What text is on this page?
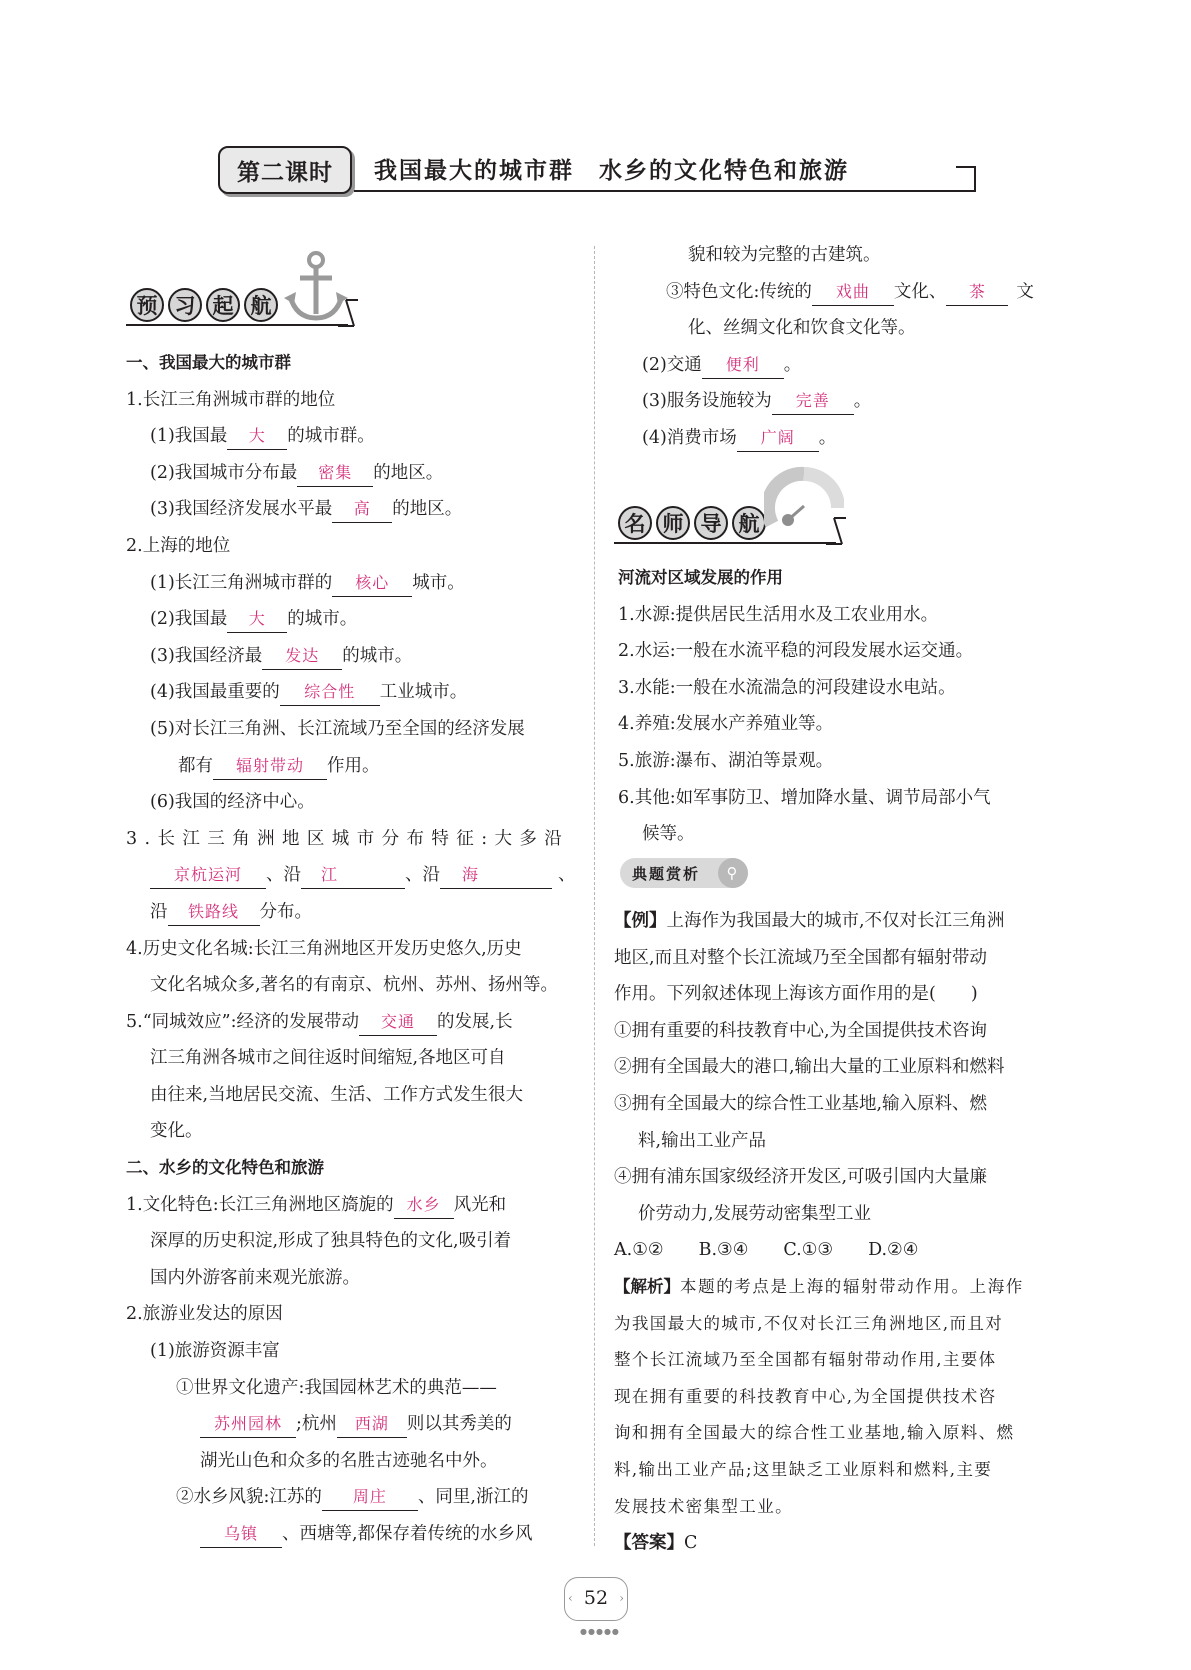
第二课时	我国最大的城市群　水乡的文化特色和旅游
预 习 起 航
名 师 导 航
一、我国最大的城市群
1.长江三角洲城市群的地位
(1)我国最 大 的城市群。
(2)我国城市分布最 密集 的地区。
(3)我国经济发展水平最 高 的地区。
2.上海的地位
(1)长江三角洲城市群的 核心 城市。
(2)我国最 大 的城市。
(3)我国经济最 发达 的城市。
(4)我国最重要的 综合性 工业城市。
(5)对长江三角洲、长江流域乃至全国的经济发展
都有 辐射带动 作用。
(6)我国的经济中心。
3.长江三角洲地区城市分布特征:大多沿
京杭运河 、沿 江	、沿 海	、
沿 铁路线 分布。
4.历史文化名城:长江三角洲地区开发历史悠久,历史
文化名城众多,著名的有南京、杭州、苏州、扬州等。
5.“同城效应”:经济的发展带动 交通 的发展,长
江三角洲各城市之间往返时间缩短,各地区可自
由往来,当地居民交流、生活、工作方式发生很大
变化。
二、水乡的文化特色和旅游
1.文化特色:长江三角洲地区旖旎的 水乡 风光和
深厚的历史积淀,形成了独具特色的文化,吸引着
国内外游客前来观光旅游。
2.旅游业发达的原因
(1)旅游资源丰富
①世界文化遗产:我国园林艺术的典范——
苏州园林 ;杭州 西湖 则以其秀美的
湖光山色和众多的名胜古迹驰名中外。
②水乡风貌:江苏的 周庄 、同里,浙江的
乌镇 、西塘等,都保存着传统的水乡风
貌和较为完整的古建筑。
③特色文化:传统的 戏曲 文化、 茶 文
化、丝绸文化和饮食文化等。
(2)交通 便利 。
(3)服务设施较为 完善 。
(4)消费市场 广阔 。
河流对区域发展的作用
1.水源:提供居民生活用水及工农业用水。
2.水运:一般在水流平稳的河段发展水运交通。
3.水能:一般在水流湍急的河段建设水电站。
4.养殖:发展水产养殖业等。
5.旅游:瀑布、湖泊等景观。
6.其他:如军事防卫、增加降水量、调节局部小气
候等。
典题赏析	⚲
【例】上海作为我国最大的城市,不仅对长江三角洲
地区,而且对整个长江流域乃至全国都有辐射带动
作用。下列叙述体现上海该方面作用的是(　　)
①拥有重要的科技教育中心,为全国提供技术咨询
②拥有全国最大的港口,输出大量的工业原料和燃料
③拥有全国最大的综合性工业基地,输入原料、燃
料,输出工业产品
④拥有浦东国家级经济开发区,可吸引国内大量廉
价劳动力,发展劳动密集型工业
A.①②　　B.③④　　C.①③　　D.②④
【解析】本题的考点是上海的辐射带动作用。上海作
为我国最大的城市,不仅对长江三角洲地区,而且对
整个长江流域乃至全国都有辐射带动作用,主要体
现在拥有重要的科技教育中心,为全国提供技术咨
询和拥有全国最大的综合性工业基地,输入原料、燃
料,输出工业产品;这里缺乏工业原料和燃料,主要
发展技术密集型工业。
【答案】C
‹	›
52
●●●●●
